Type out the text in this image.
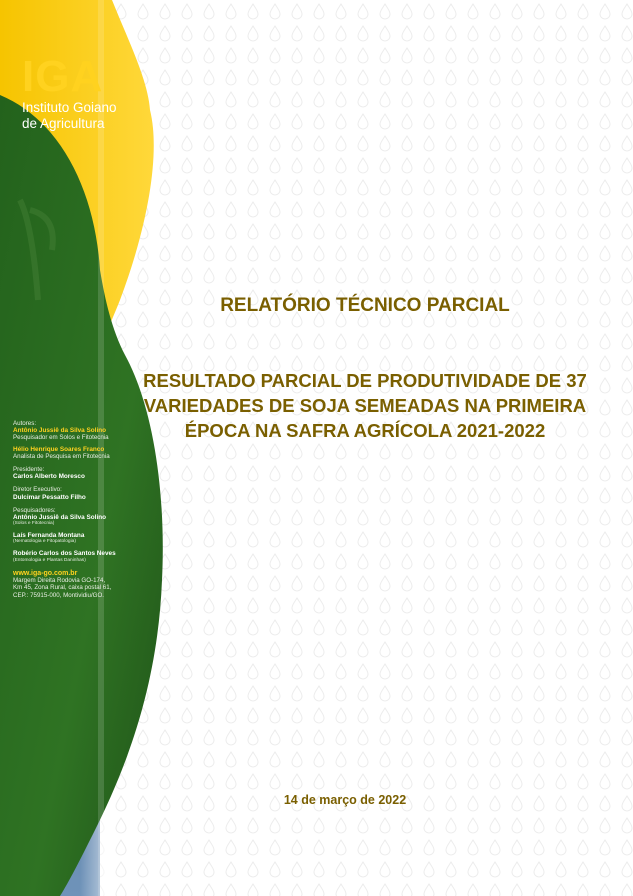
IGA
Instituto Goiano
de Agricultura
Autores:
Antônio Jussiê da Silva Solino
Pesquisador em Solos e Fitotecnia
Hélio Henrique Soares Franco
Analista de Pesquisa em Fitotecnia
Presidente:
Carlos Alberto Moresco
Diretor Executivo:
Dulcimar Pessatto Filho
Pesquisadores:
Antônio Jussiê da Silva Solino
(Solos e Fitotecnia)
Laís Fernanda Montana
(Nematologia e Fitopatologia)
Robério Carlos dos Santos Neves
(Entomologia e Plantas Daninhas)
www.iga-go.com.br
Margem Direita Rodovia GO-174,
Km 45, Zona Rural, caixa postal 61,
CEP.: 75915-000, Montividiu/GO.
RELATÓRIO TÉCNICO PARCIAL
RESULTADO PARCIAL DE PRODUTIVIDADE DE 37
VARIEDADES DE SOJA SEMEADAS NA PRIMEIRA
ÉPOCA NA SAFRA AGRÍCOLA 2021-2022
14 de março de 2022
